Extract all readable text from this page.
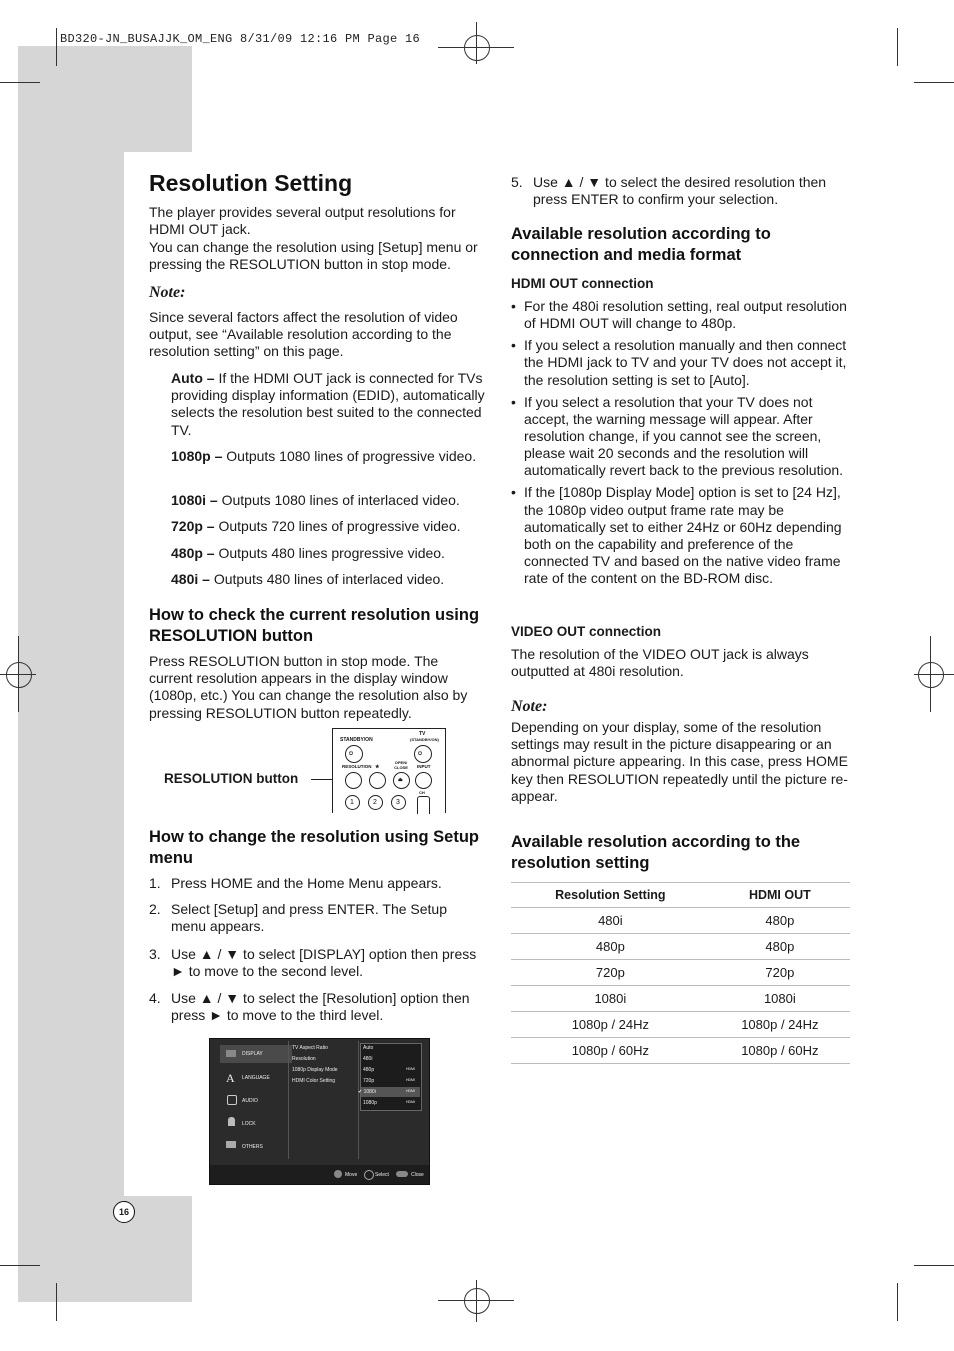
BD320-JN_BUSAJJK_OM_ENG 8/31/09 12:16 PM Page 16
Resolution Setting

The player provides several output resolutions for HDMI OUT jack.

You can change the resolution using [Setup] menu or pressing the RESOLUTION button in stop mode.

Note:

Since several factors affect the resolution of video output, see “Available resolution according to the resolution setting” on this page.

Auto – If the HDMI OUT jack is connected for TVs providing display information (EDID), automatically selects the resolution best suited to the connected TV.
1080p – Outputs 1080 lines of progressive video.
1080i – Outputs 1080 lines of interlaced video.
720p – Outputs 720 lines of progressive video.
480p – Outputs 480 lines progressive video.
480i – Outputs 480 lines of interlaced video.
How to check the current resolution using RESOLUTION button

Press RESOLUTION button in stop mode. The current resolution appears in the display window (1080p, etc.) You can change the resolution also by pressing RESOLUTION button repeatedly.

RESOLUTION button
STANDBY/ON
⏻
TV
(STANDBY/ON)
⏻
RESOLUTION ★
OPEN/ CLOSE	INPUT
⏏
1	2	3
CH
How to change the resolution using Setup menu
1. Press HOME and the Home Menu appears.
2. Select [Setup] and press ENTER. The Setup menu appears.
3. Use ▲ / ▼ to select [DISPLAY] option then press ► to move to the second level.
4. Use ▲ / ▼ to select the [Resolution] option then press ► to move to the third level.
DISPLAY
A LANGUAGE
AUDIO
LOCK
OTHERS
TV Aspect Ratio
Resolution
1080p Display Mode
HDMI Color Setting
Auto
480i
480p	HDMI
720p	HDMI
✔ 1080i	HDMI
1080p	HDMI
Move	Select	Close
5. Use ▲ / ▼ to select the desired resolution then press ENTER to confirm your selection.
Available resolution according to connection and media format
HDMI OUT connection
• For the 480i resolution setting, real output resolution of HDMI OUT will change to 480p.
• If you select a resolution manually and then connect the HDMI jack to TV and your TV does not accept it, the resolution setting is set to [Auto].
• If you select a resolution that your TV does not accept, the warning message will appear. After resolution change, if you cannot see the screen, please wait 20 seconds and the resolution will automatically revert back to the previous resolution.
• If the [1080p Display Mode] option is set to [24 Hz], the 1080p video output frame rate may be automatically set to either 24Hz or 60Hz depending both on the capability and preference of the connected TV and based on the native video frame rate of the content on the BD-ROM disc.
VIDEO OUT connection

The resolution of the VIDEO OUT jack is always outputted at 480i resolution.

Note:

Depending on your display, some of the resolution settings may result in the picture disappearing or an abnormal picture appearing. In this case, press HOME key then RESOLUTION repeatedly until the picture re-appear.

Available resolution according to the resolution setting
Resolution Setting	HDMI OUT
480i	480p
480p	480p
720p	720p
1080i	1080i
1080p / 24Hz	1080p / 24Hz
1080p / 60Hz	1080p / 60Hz
16
